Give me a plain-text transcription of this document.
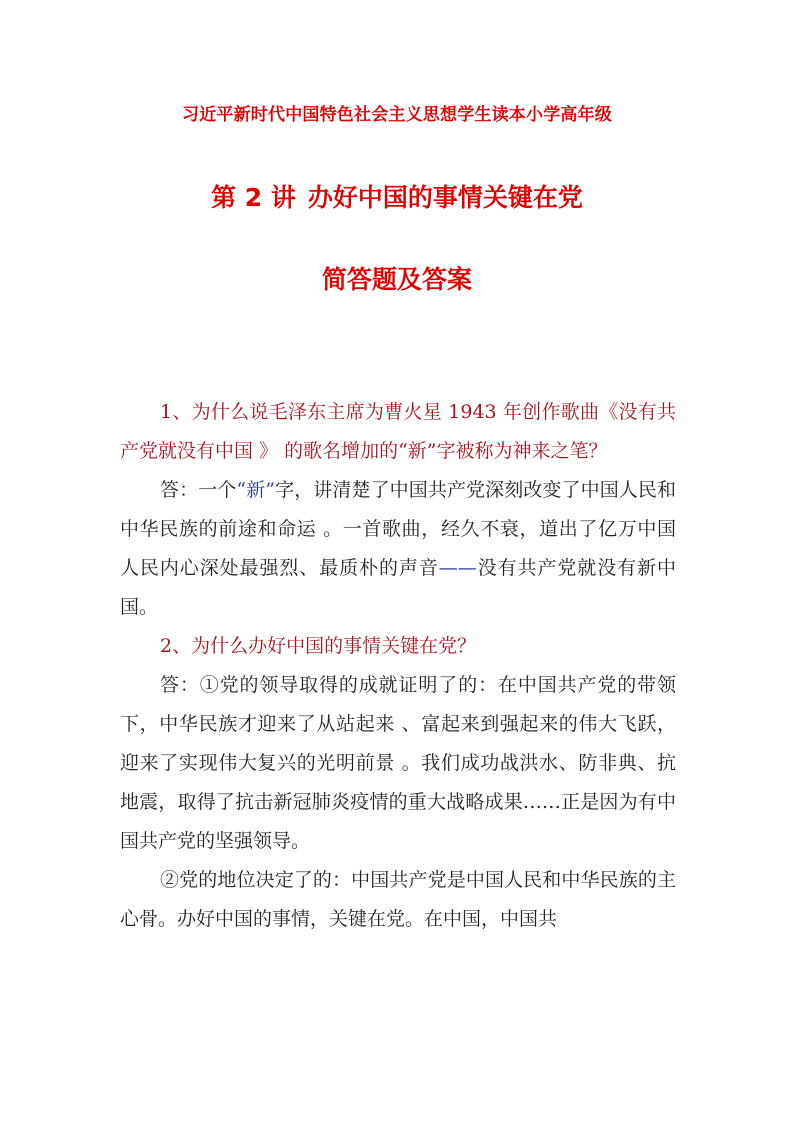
习近平新时代中国特色社会主义思想学生读本小学高年级
第 2 讲 办好中国的事情关键在党
简答题及答案

1、为什么说毛泽东主席为曹火星 1943 年创作歌曲《没有共产党就没有中国 》 的歌名增加的“新”字被称为神来之笔？

答：一个“新”字，讲清楚了中国共产党深刻改变了中国人民和中华民族的前途和命运 。一首歌曲，经久不衰，道出了亿万中国人民内心深处最强烈、最质朴的声音——没有共产党就没有新中国。

2、为什么办好中国的事情关键在党？

答：①党的领导取得的成就证明了的：在中国共产党的带领下，中华民族才迎来了从站起来 、富起来到强起来的伟大飞跃，迎来了实现伟大复兴的光明前景 。我们成功战洪水、防非典、抗地震，取得了抗击新冠肺炎疫情的重大战略成果……正是因为有中国共产党的坚强领导。

②党的地位决定了的：中国共产党是中国人民和中华民族的主心骨。办好中国的事情，关键在党。在中国，中国共
